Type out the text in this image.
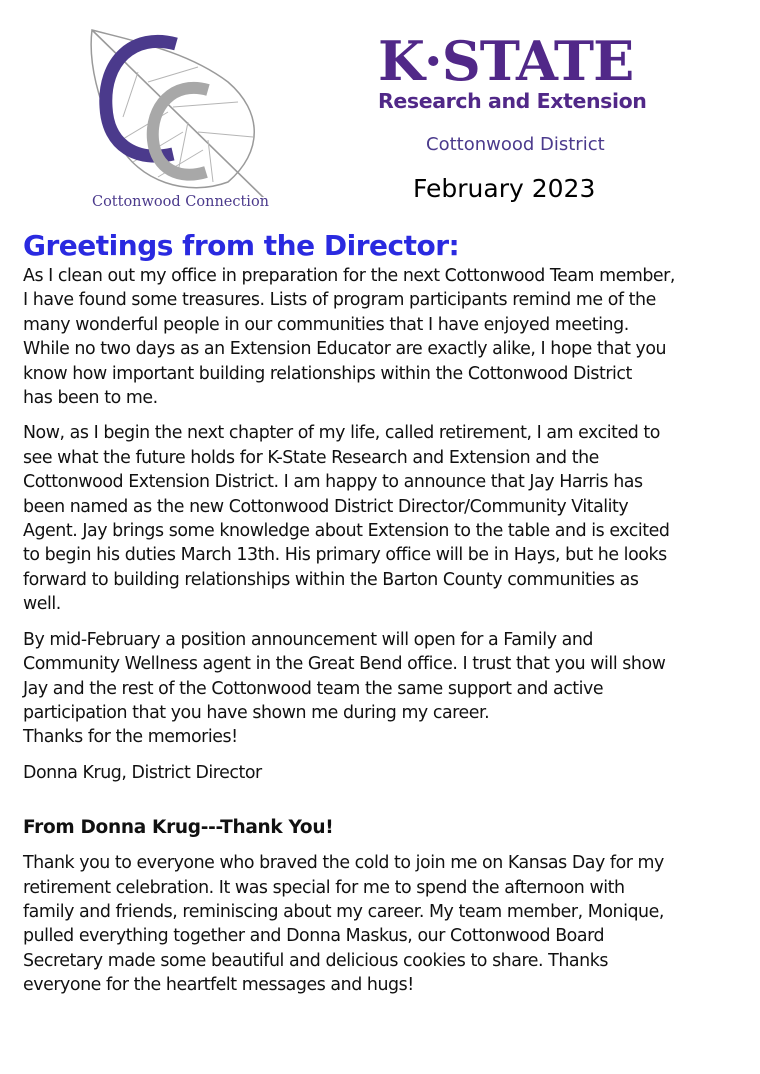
Cottonwood Connection
K·STATE
Research and Extension
Cottonwood District
February 2023
Greetings from the Director:

As I clean out my office in preparation for the next Cottonwood Team member,
I have found some treasures. Lists of program participants remind me of the
many wonderful people in our communities that I have enjoyed meeting.
While no two days as an Extension Educator are exactly alike, I hope that you
know how important building relationships within the Cottonwood District
has been to me.

Now, as I begin the next chapter of my life, called retirement, I am excited to
see what the future holds for K-State Research and Extension and the
Cottonwood Extension District. I am happy to announce that Jay Harris has
been named as the new Cottonwood District Director/Community Vitality
Agent. Jay brings some knowledge about Extension to the table and is excited
to begin his duties March 13th. His primary office will be in Hays, but he looks
forward to building relationships within the Barton County communities as
well.

By mid-February a position announcement will open for a Family and
Community Wellness agent in the Great Bend office. I trust that you will show
Jay and the rest of the Cottonwood team the same support and active
participation that you have shown me during my career.
Thanks for the memories!

Donna Krug, District Director

From Donna Krug---Thank You!

Thank you to everyone who braved the cold to join me on Kansas Day for my
retirement celebration. It was special for me to spend the afternoon with
family and friends, reminiscing about my career. My team member, Monique,
pulled everything together and Donna Maskus, our Cottonwood Board
Secretary made some beautiful and delicious cookies to share. Thanks
everyone for the heartfelt messages and hugs!
